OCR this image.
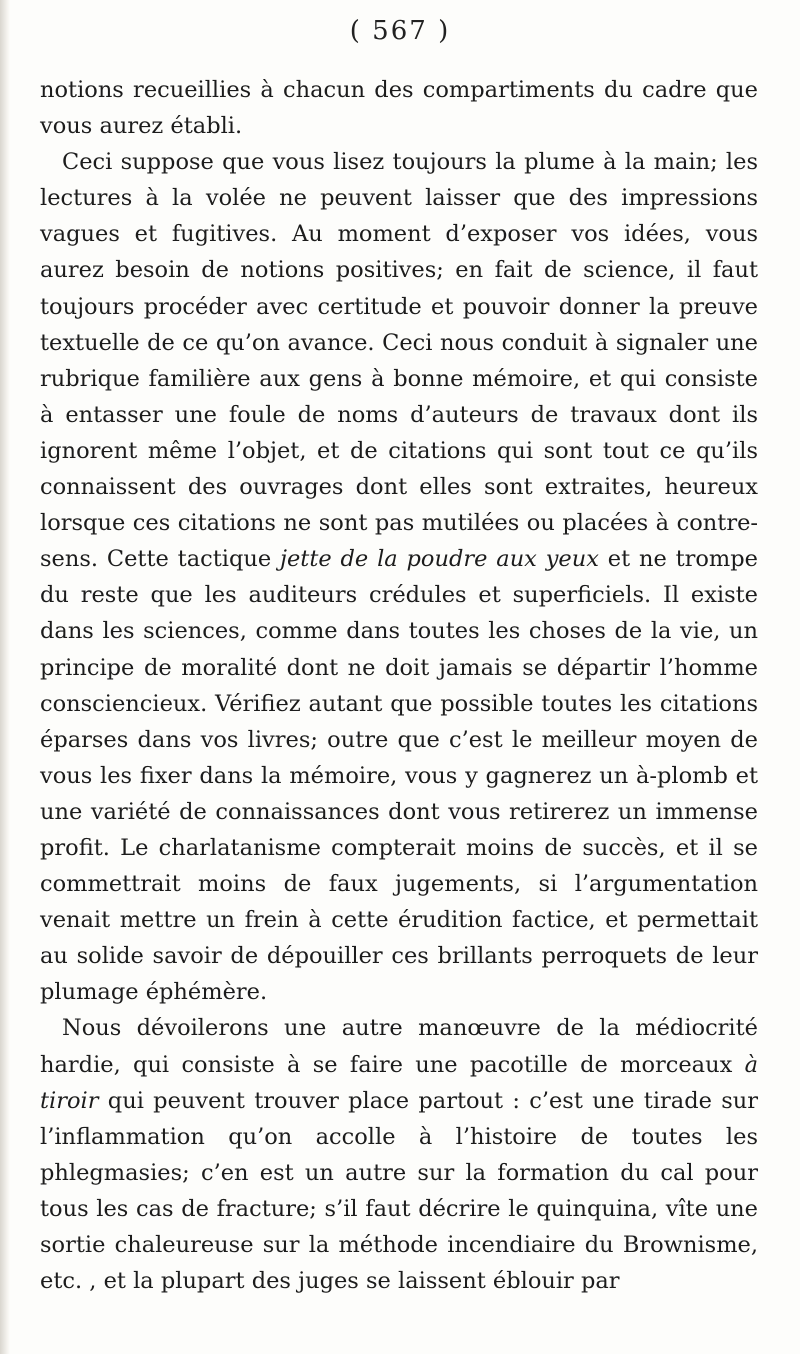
( 567 )

notions recueillies à chacun des compartiments du cadre que vous aurez établi.

Ceci suppose que vous lisez toujours la plume à la main; les lectures à la volée ne peuvent laisser que des impressions vagues et fugitives. Au moment d’exposer vos idées, vous aurez besoin de notions positives; en fait de science, il faut toujours procéder avec certitude et pouvoir donner la preuve textuelle de ce qu’on avance. Ceci nous conduit à signaler une rubrique familière aux gens à bonne mémoire, et qui consiste à entasser une foule de noms d’auteurs de travaux dont ils ignorent même l’objet, et de citations qui sont tout ce qu’ils connaissent des ouvrages dont elles sont extraites, heureux lorsque ces citations ne sont pas mutilées ou placées à contre-sens. Cette tactique jette de la poudre aux yeux et ne trompe du reste que les auditeurs crédules et superficiels. Il existe dans les sciences, comme dans toutes les choses de la vie, un principe de moralité dont ne doit jamais se départir l’homme consciencieux. Vérifiez autant que possible toutes les citations éparses dans vos livres; outre que c’est le meilleur moyen de vous les fixer dans la mémoire, vous y gagnerez un à-plomb et une variété de connaissances dont vous retirerez un immense profit. Le charlatanisme compterait moins de succès, et il se commettrait moins de faux jugements, si l’argumentation venait mettre un frein à cette érudition factice, et permettait au solide savoir de dépouiller ces brillants perroquets de leur plumage éphémère.

Nous dévoilerons une autre manœuvre de la médiocrité hardie, qui consiste à se faire une pacotille de morceaux à tiroir qui peuvent trouver place partout : c’est une tirade sur l’inflammation qu’on accolle à l’histoire de toutes les phlegmasies; c’en est un autre sur la formation du cal pour tous les cas de fracture; s’il faut décrire le quinquina, vîte une sortie chaleureuse sur la méthode incendiaire du Brownisme, etc. , et la plupart des juges se laissent éblouir par
